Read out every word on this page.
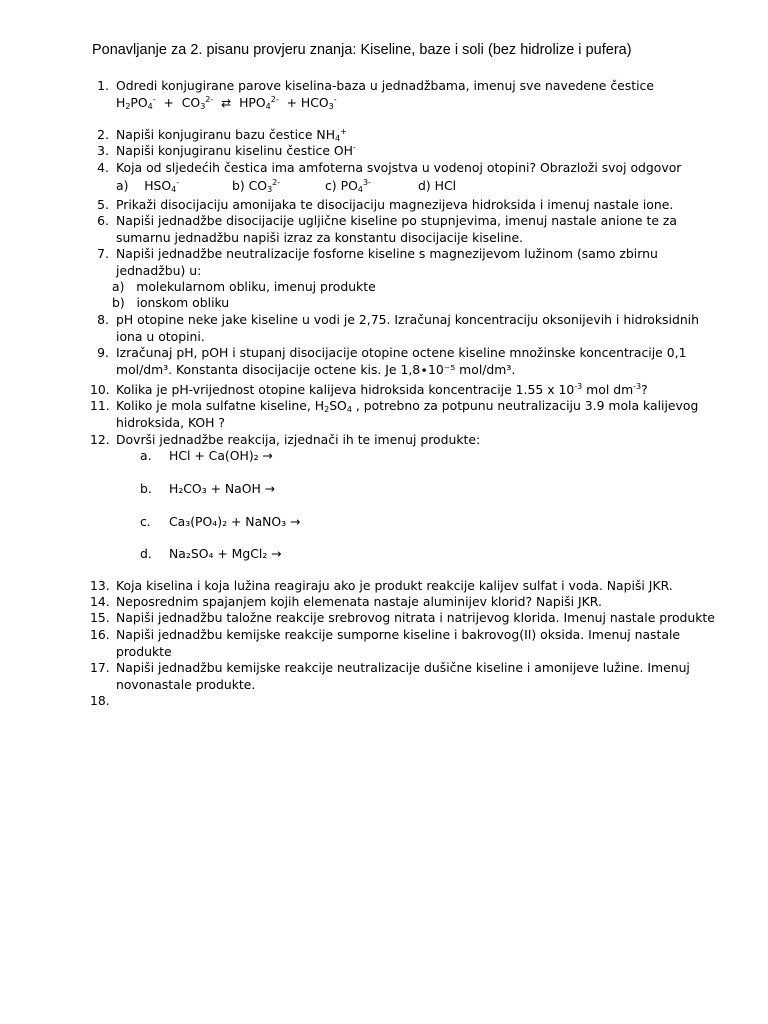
Ponavljanje za 2. pisanu provjeru znanja: Kiseline, baze i soli (bez hidrolize i pufera)
1. Odredi konjugirane parove kiselina-baza u jednadžbama, imenuj sve navedene čestice
$H_2PO_4^- + CO_3^{2-}$ ⇄  $HPO_4^{2-} + HCO_3^-$
2. Napiši konjugiranu bazu čestice $NH_4^+$
3. Napiši konjugiranu kiselinu čestice OH-
4. Koja od sljedećih čestica ima amfoterna svojstva u vodenoj otopini? Obrazloži svoj odgovor
a) $HSO_4^-$	b) $CO_3^{2-}$	c) $PO_4^{3-}$	d) HCl
5. Prikaži disocijaciju amonijaka te disocijaciju magnezijeva hidroksida i imenuj nastale ione.
6. Napiši jednadžbe disocijacije ugljične kiseline po stupnjevima, imenuj nastale anione te za
sumarnu jednadžbu napiši izraz za konstantu disocijacije kiseline.
7. Napiši jednadžbe neutralizacije fosforne kiseline s magnezijevom lužinom (samo zbirnu
jednadžbu) u:
a) molekularnom obliku, imenuj produkte
b) ionskom obliku
8. pH otopine neke jake kiseline u vodi je 2,75. Izračunaj koncentraciju oksonijevih i hidroksidnih
iona u otopini.
9. Izračunaj pH, pOH i stupanj disocijacije otopine octene kiseline množinske koncentracije 0,1
mol/dm³. Konstanta disocijacije octene kis. Je 1,8∙10⁻⁵ mol/dm³.
10. Kolika je pH-vrijednost otopine kalijeva hidroksida koncentracije 1.55 x $10^{-3}$ mol $dm^{-3}$?
11. Koliko je mola sulfatne kiseline, $H_2SO_4$ , potrebno za potpunu neutralizaciju 3.9 mola kalijevog
hidroksida, KOH ?
12. Dovrši jednadžbe reakcija, izjednači ih te imenuj produkte:
a. HCl + Ca(OH)₂ →
b. H₂CO₃ + NaOH →
c. Ca₃(PO₄)₂ + NaNO₃ →
d. Na₂SO₄ + MgCl₂ →
13. Koja kiselina i koja lužina reagiraju ako je produkt reakcije kalijev sulfat i voda. Napiši JKR.
14. Neposrednim spajanjem kojih elemenata nastaje aluminijev klorid? Napiši JKR.
15. Napiši jednadžbu taložne reakcije srebrovog nitrata i natrijevog klorida. Imenuj nastale produkte
16. Napiši jednadžbu kemijske reakcije sumporne kiseline i bakrovog(II) oksida. Imenuj nastale
produkte
17. Napiši jednadžbu kemijske reakcije neutralizacije dušične kiseline i amonijeve lužine. Imenuj
novonastale produkte.
18.
